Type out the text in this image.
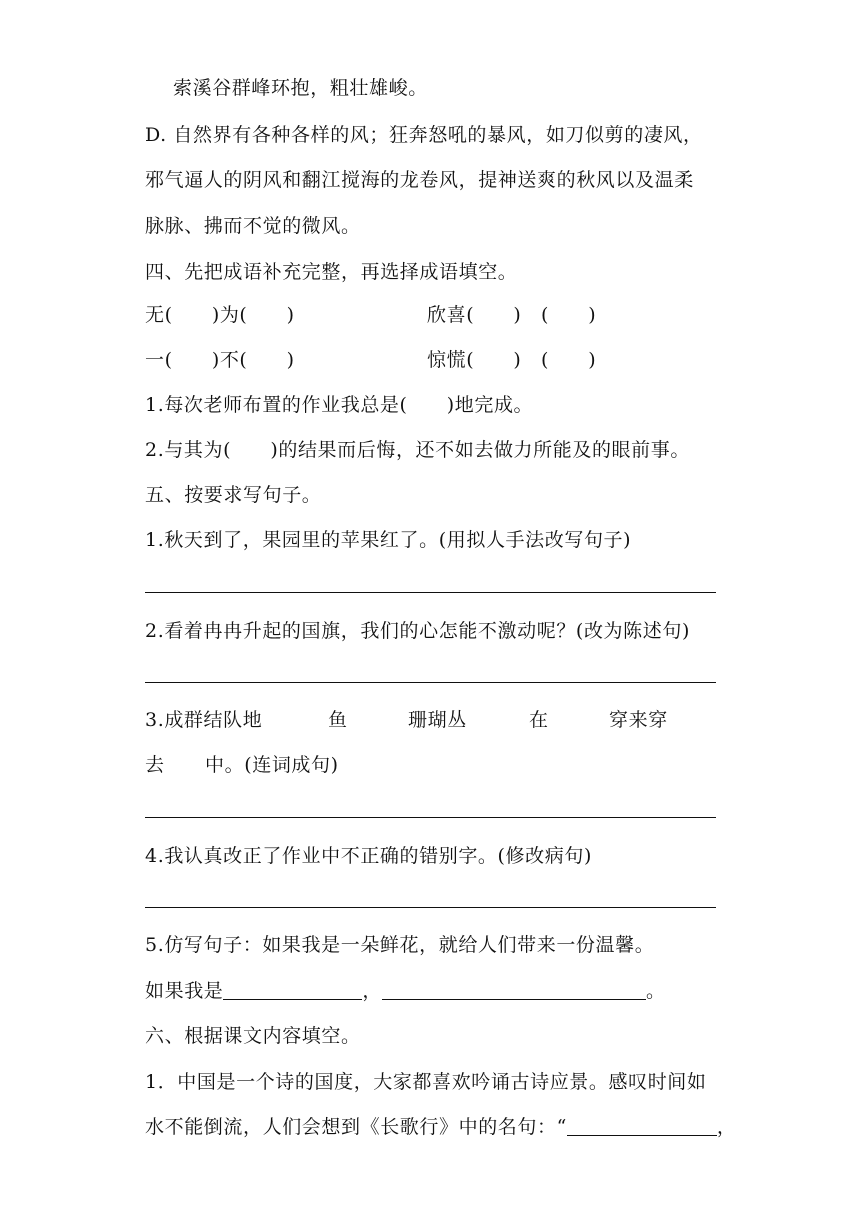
索溪谷群峰环抱，粗壮雄峻。
D. 自然界有各种各样的风；狂奔怒吼的暴风，如刀似剪的凄风，
邪气逼人的阴风和翻江搅海的龙卷风，提神送爽的秋风以及温柔
脉脉、拂而不觉的微风。
四、先把成语补充完整，再选择成语填空。
无(　　)为(　　)	欣喜(　　)　(　　)
一(　　)不(　　)	惊慌(　　)　(　　)
1.每次老师布置的作业我总是(　　)地完成。
2.与其为(　　)的结果而后悔，还不如去做力所能及的眼前事。
五、按要求写句子。
1.秋天到了，果园里的苹果红了。(用拟人手法改写句子)
2.看着冉冉升起的国旗，我们的心怎能不激动呢？(改为陈述句)
3.成群结队地	鱼	珊瑚丛	在	穿来穿
去 中。(连词成句)
4.我认真改正了作业中不正确的错别字。(修改病句)
5.仿写句子：如果我是一朵鲜花，就给人们带来一份温馨。
如果我是	，	。
六、根据课文内容填空。
1．中国是一个诗的国度，大家都喜欢吟诵古诗应景。感叹时间如
水不能倒流，人们会想到《长歌行》中的名句：“	，
